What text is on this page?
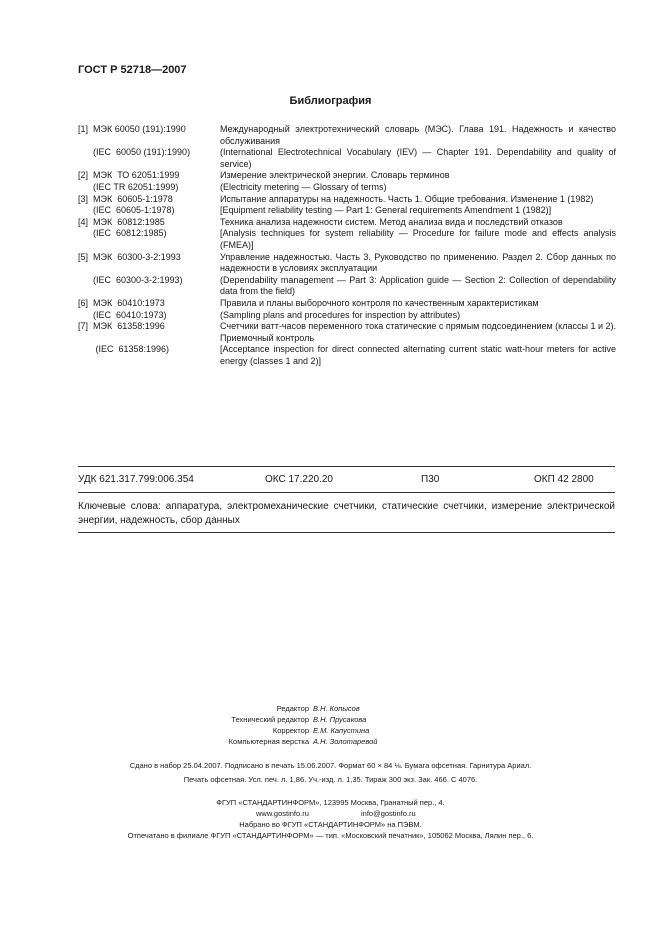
ГОСТ Р 52718—2007
Библиография
[1]  МЭК 60050 (191):1990	Международный электротехнический словарь (МЭС). Глава 191. Надежность и качество обслуживания
(IEC  60050 (191):1990)	(International Electrotechnical Vocabulary (IEV) — Chapter 191. Dependability and quality of service)
[2]  МЭК  ТО 62051:1999	Измерение электрической энергии. Словарь терминов
(IEC TR 62051:1999)	(Electricity metering — Glossary of terms)
[3]  МЭК  60605-1:1978	Испытание аппаратуры на надежность. Часть 1. Общие требования. Изменение 1 (1982)
(IEC  60605-1:1978)	[Equipment reliability testing — Part 1: General requirements Amendment 1 (1982)]
[4]  МЭК  60812:1985	Техника анализа надежности систем. Метод анализа вида и последствий отказов
(IEC  60812:1985)	[Analysis techniques for system reliability — Procedure for failure mode and effects analysis (FMEA)]
[5]  МЭК  60300-3-2:1993	Управление надежностью. Часть 3. Руководство по применению. Раздел 2. Сбор данных по надежности в условиях эксплуатации
(IEC  60300-3-2:1993)	(Dependability management — Part 3: Application guide — Section 2: Collection of dependability data from the field)
[6]  МЭК  60410:1973	Правила и планы выборочного контроля по качественным характеристикам
(IEC  60410:1973)	(Sampling plans and procedures for inspection by attributes)
[7]  МЭК  61358:1996	Счетчики ватт-часов переменного тока статические с прямым подсоединением (классы 1 и 2). Приемочный контроль
(IEC  61358:1996)	[Acceptance inspection for direct connected alternating current static watt-hour meters for active energy (classes 1 and 2)]
УДК 621.317.799:006.354	ОКС 17.220.20	П30	ОКП 42 2800
Ключевые слова: аппаратура, электромеханические счетчики, статические счетчики, измерение электрической энергии, надежность, сбор данных
Редактор В.Н. Копысов
Технический редактор В.Н. Прусакова
Корректор Е.М. Капустина
Компьютерная верстка А.Н. Золотаревой
Сдано в набор 25.04.2007. Подписано в печать 15.06.2007. Формат 60 × 84 ⅛. Бумага офсетная. Гарнитура Ариал.
Печать офсетная. Усл. печ. л. 1,86. Уч.-изд. л. 1,35. Тираж 300 экз. Зак. 466. С 4076.
ФГУП «СТАНДАРТИНФОРМ», 123995 Москва, Гранатный пер., 4.
www.gostinfo.ru	info@gostinfo.ru
Набрано во ФГУП «СТАНДАРТИНФОРМ» на ПЭВМ.
Отпечатано в филиале ФГУП «СТАНДАРТИНФОРМ» — тип. «Московский печатник», 105062 Москва, Лялин пер., 6.
